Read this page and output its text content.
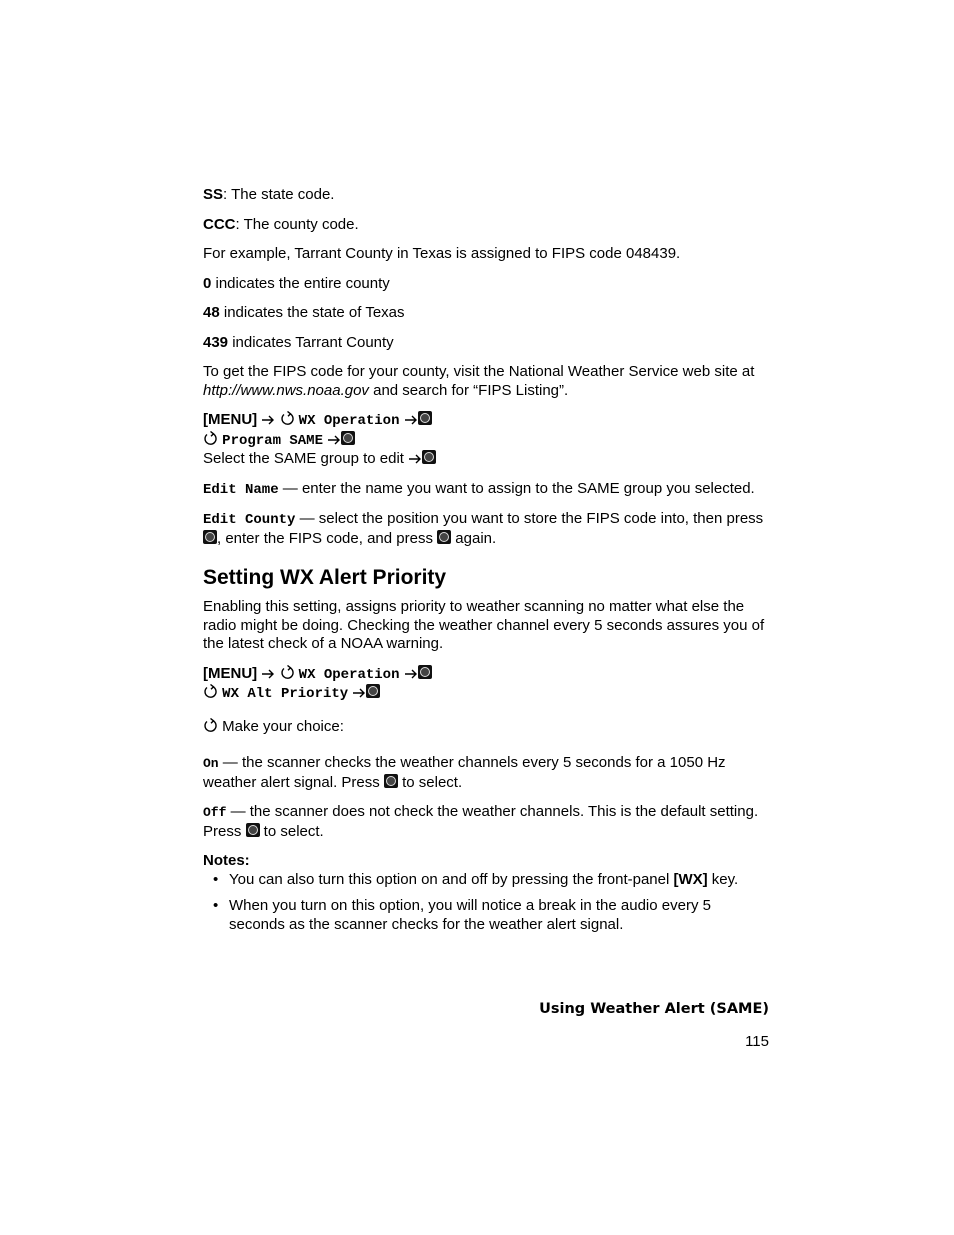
SS: The state code.

CCC: The county code.

For example, Tarrant County in Texas is assigned to FIPS code 048439.

0 indicates the entire county

48 indicates the state of Texas

439 indicates Tarrant County

To get the FIPS code for your county, visit the National Weather Service web site at http://www.nws.noaa.gov and search for “FIPS Listing”.

[MENU]	WX Operation
Program SAME
Select the SAME group to edit

Edit Name — enter the name you want to assign to the SAME group you selected.

Edit County — select the position you want to store the FIPS code into, then press , enter the FIPS code, and press  again.

Setting WX Alert Priority

Enabling this setting, assigns priority to weather scanning no matter what else the radio might be doing. Checking the weather channel every 5 seconds assures you of the latest check of a NOAA warning.

[MENU]	WX Operation
WX Alt Priority

Make your choice:

On — the scanner checks the weather channels every 5 seconds for a 1050 Hz weather alert signal. Press  to select.

Off — the scanner does not check the weather channels. This is the default setting. Press  to select.

Notes:
• You can also turn this option on and off by pressing the front-panel [WX] key.
• When you turn on this option, you will notice a break in the audio every 5 seconds as the scanner checks for the weather alert signal.
Using Weather Alert (SAME)
115
